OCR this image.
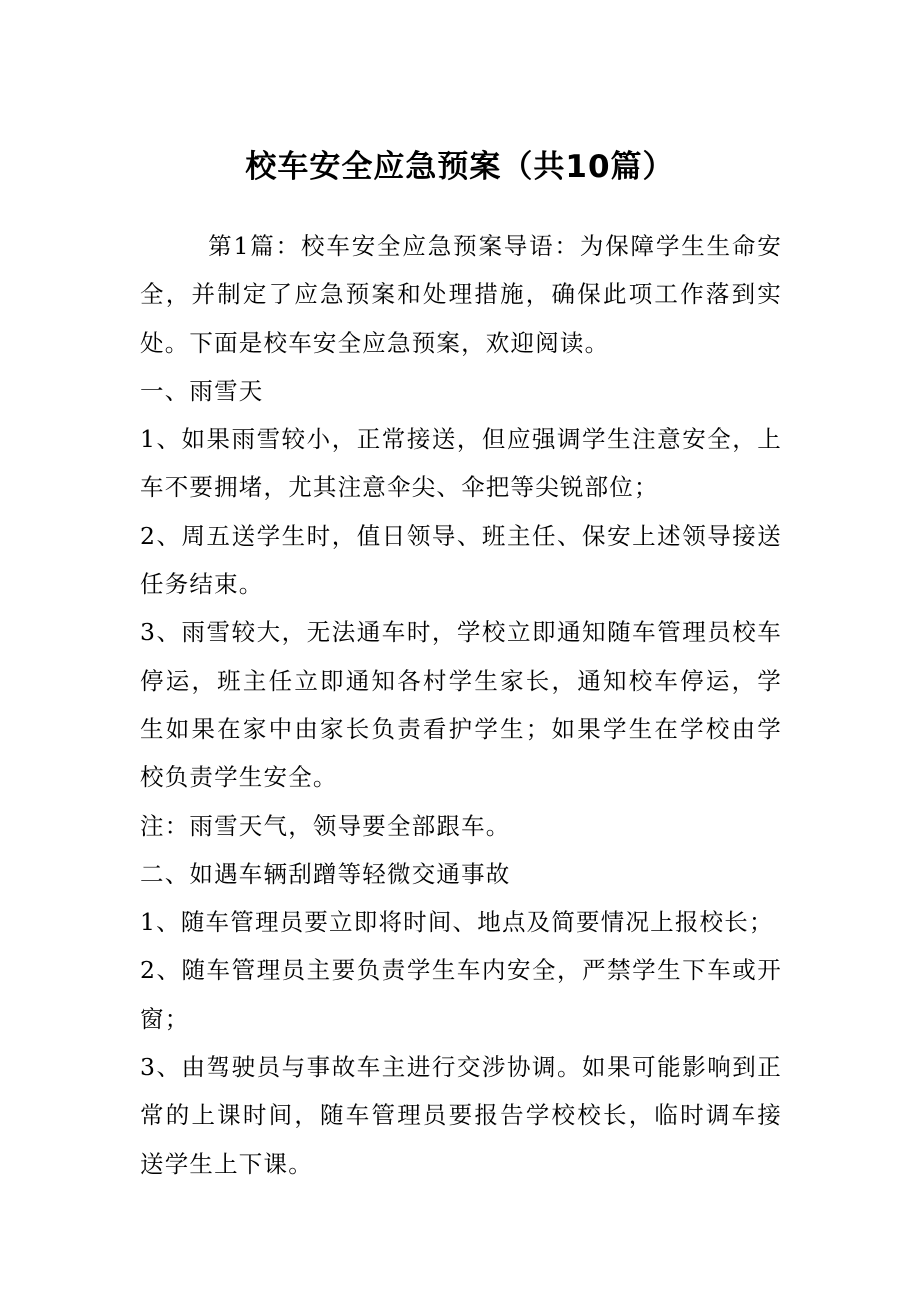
校车安全应急预案（共10篇）

第1篇：校车安全应急预案导语：为保障学生生命安全，并制定了应急预案和处理措施，确保此项工作落到实处。下面是校车安全应急预案，欢迎阅读。

一、雨雪天

1、如果雨雪较小，正常接送，但应强调学生注意安全，上车不要拥堵，尤其注意伞尖、伞把等尖锐部位；

2、周五送学生时，值日领导、班主任、保安上述领导接送任务结束。

3、雨雪较大，无法通车时，学校立即通知随车管理员校车停运，班主任立即通知各村学生家长，通知校车停运，学生如果在家中由家长负责看护学生；如果学生在学校由学校负责学生安全。

注：雨雪天气，领导要全部跟车。

二、如遇车辆刮蹭等轻微交通事故

1、随车管理员要立即将时间、地点及简要情况上报校长；

2、随车管理员主要负责学生车内安全，严禁学生下车或开窗；

3、由驾驶员与事故车主进行交涉协调。如果可能影响到正常的上课时间，随车管理员要报告学校校长，临时调车接送学生上下课。
